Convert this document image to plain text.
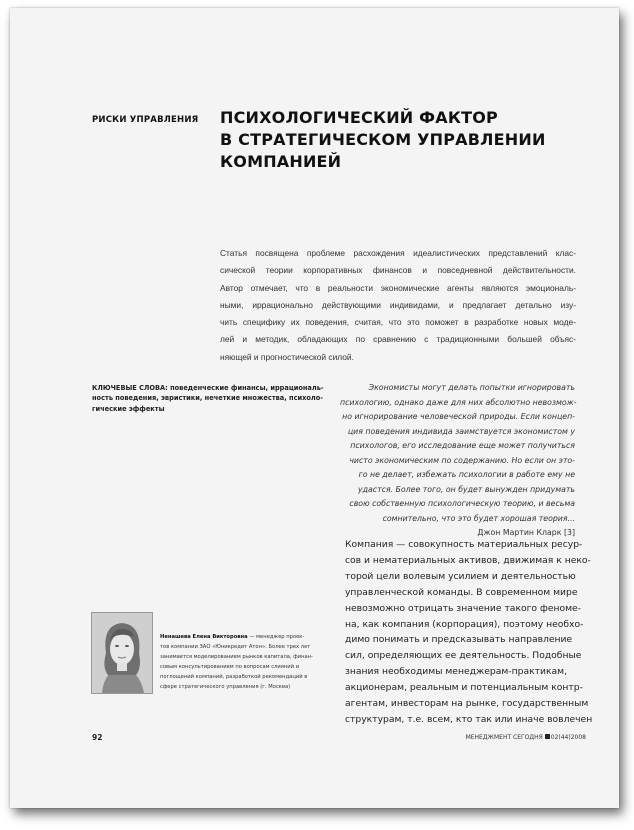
РИСКИ УПРАВЛЕНИЯ ПСИХОЛОГИЧЕСКИЙ ФАКТОР
В СТРАТЕГИЧЕСКОМ УПРАВЛЕНИИ
КОМПАНИЕЙ
Статья посвящена проблеме расхождения идеалистических представлений клас-
сической теории корпоративных финансов и повседневной действительности.
Автор отмечает, что в реальности экономические агенты являются эмоциональ-
ными, иррационально действующими индивидами, и предлагает детально изу-
чить специфику их поведения, считая, что это поможет в разработке новых моде-
лей и методик, обладающих по сравнению с традиционными большей объяс-
няющей и прогностической силой.
КЛЮЧЕВЫЕ СЛОВА: поведенческие финансы, иррациональ-
ность поведения, эвристики, нечеткие множества, психоло-
гические эффекты
Экономисты могут делать попытки игнорировать
психологию, однако даже для них абсолютно невозмож-
но игнорирование человеческой природы. Если концеп-
ция поведения индивида заимствуется экономистом у
психологов, его исследование еще может получиться
чисто экономическим по содержанию. Но если он это-
го не делает, избежать психологии в работе ему не
удастся. Более того, он будет вынужден придумать
свою собственную психологическую теорию, и весьма
сомнительно, что это будет хорошая теория...
Джон Мартин Кларк [3]
Компания — совокупность материальных ресур-
сов и нематериальных активов, движимая к неко-
торой цели волевым усилием и деятельностью
управленческой команды. В современном мире
невозможно отрицать значение такого феноме-
на, как компания (корпорация), поэтому необхо-
димо понимать и предсказывать направление
сил, определяющих ее деятельность. Подобные
знания необходимы менеджерам-практикам,
акционерам, реальным и потенциальным контр-
агентам, инвесторам на рынке, государственным
структурам, т.е. всем, кто так или иначе вовлечен
Ненашева Елена Викторовна — менеджер проек-
тов компании ЗАО «Юникредит Атон». Более трех лет
занимается моделированием рынков капитала, финан-
совым консультированием по вопросам слияний и
поглощений компаний, разработкой рекомендаций в
сфере стратегического управления (г. Москва)
92	МЕНЕДЖМЕНТ СЕГОДНЯ 02(44)2008
